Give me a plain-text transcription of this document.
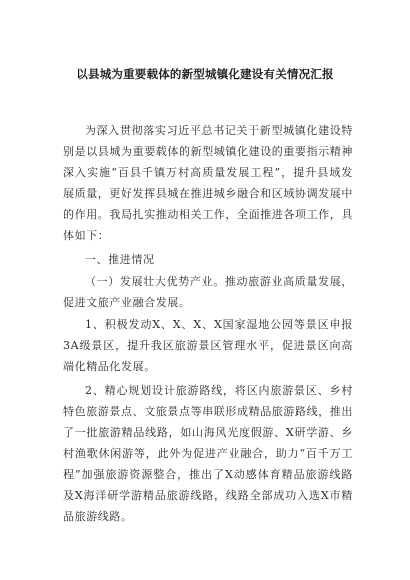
以县城为重要载体的新型城镇化建设有关情况汇报
为深入贯彻落实习近平总书记关于新型城镇化建设特别是以县城为重要载体的新型城镇化建设的重要指示精神深入实施“百县千镇万村高质量发展工程”，提升县域发展质量，更好发挥县城在推进城乡融合和区域协调发展中的作用。我局扎实推动相关工作，全面推进各项工作，具体如下：
一、推进情况
（一）发展壮大优势产业。推动旅游业高质量发展，促进文旅产业融合发展。
1、积极发动X、X、X、X国家湿地公园等景区申报3A级景区，提升我区旅游景区管理水平，促进景区向高端化精品化发展。
2、精心规划设计旅游路线，将区内旅游景区、乡村特色旅游景点、文旅景点等串联形成精品旅游路线，推出了一批旅游精品线路，如山海风光度假游、X研学游、乡村渔歌休闲游等，此外为促进产业融合，助力“百千万工程”加强旅游资源整合，推出了X动感体育精品旅游线路及X海洋研学游精品旅游线路，线路全部成功入选X市精品旅游线路。
